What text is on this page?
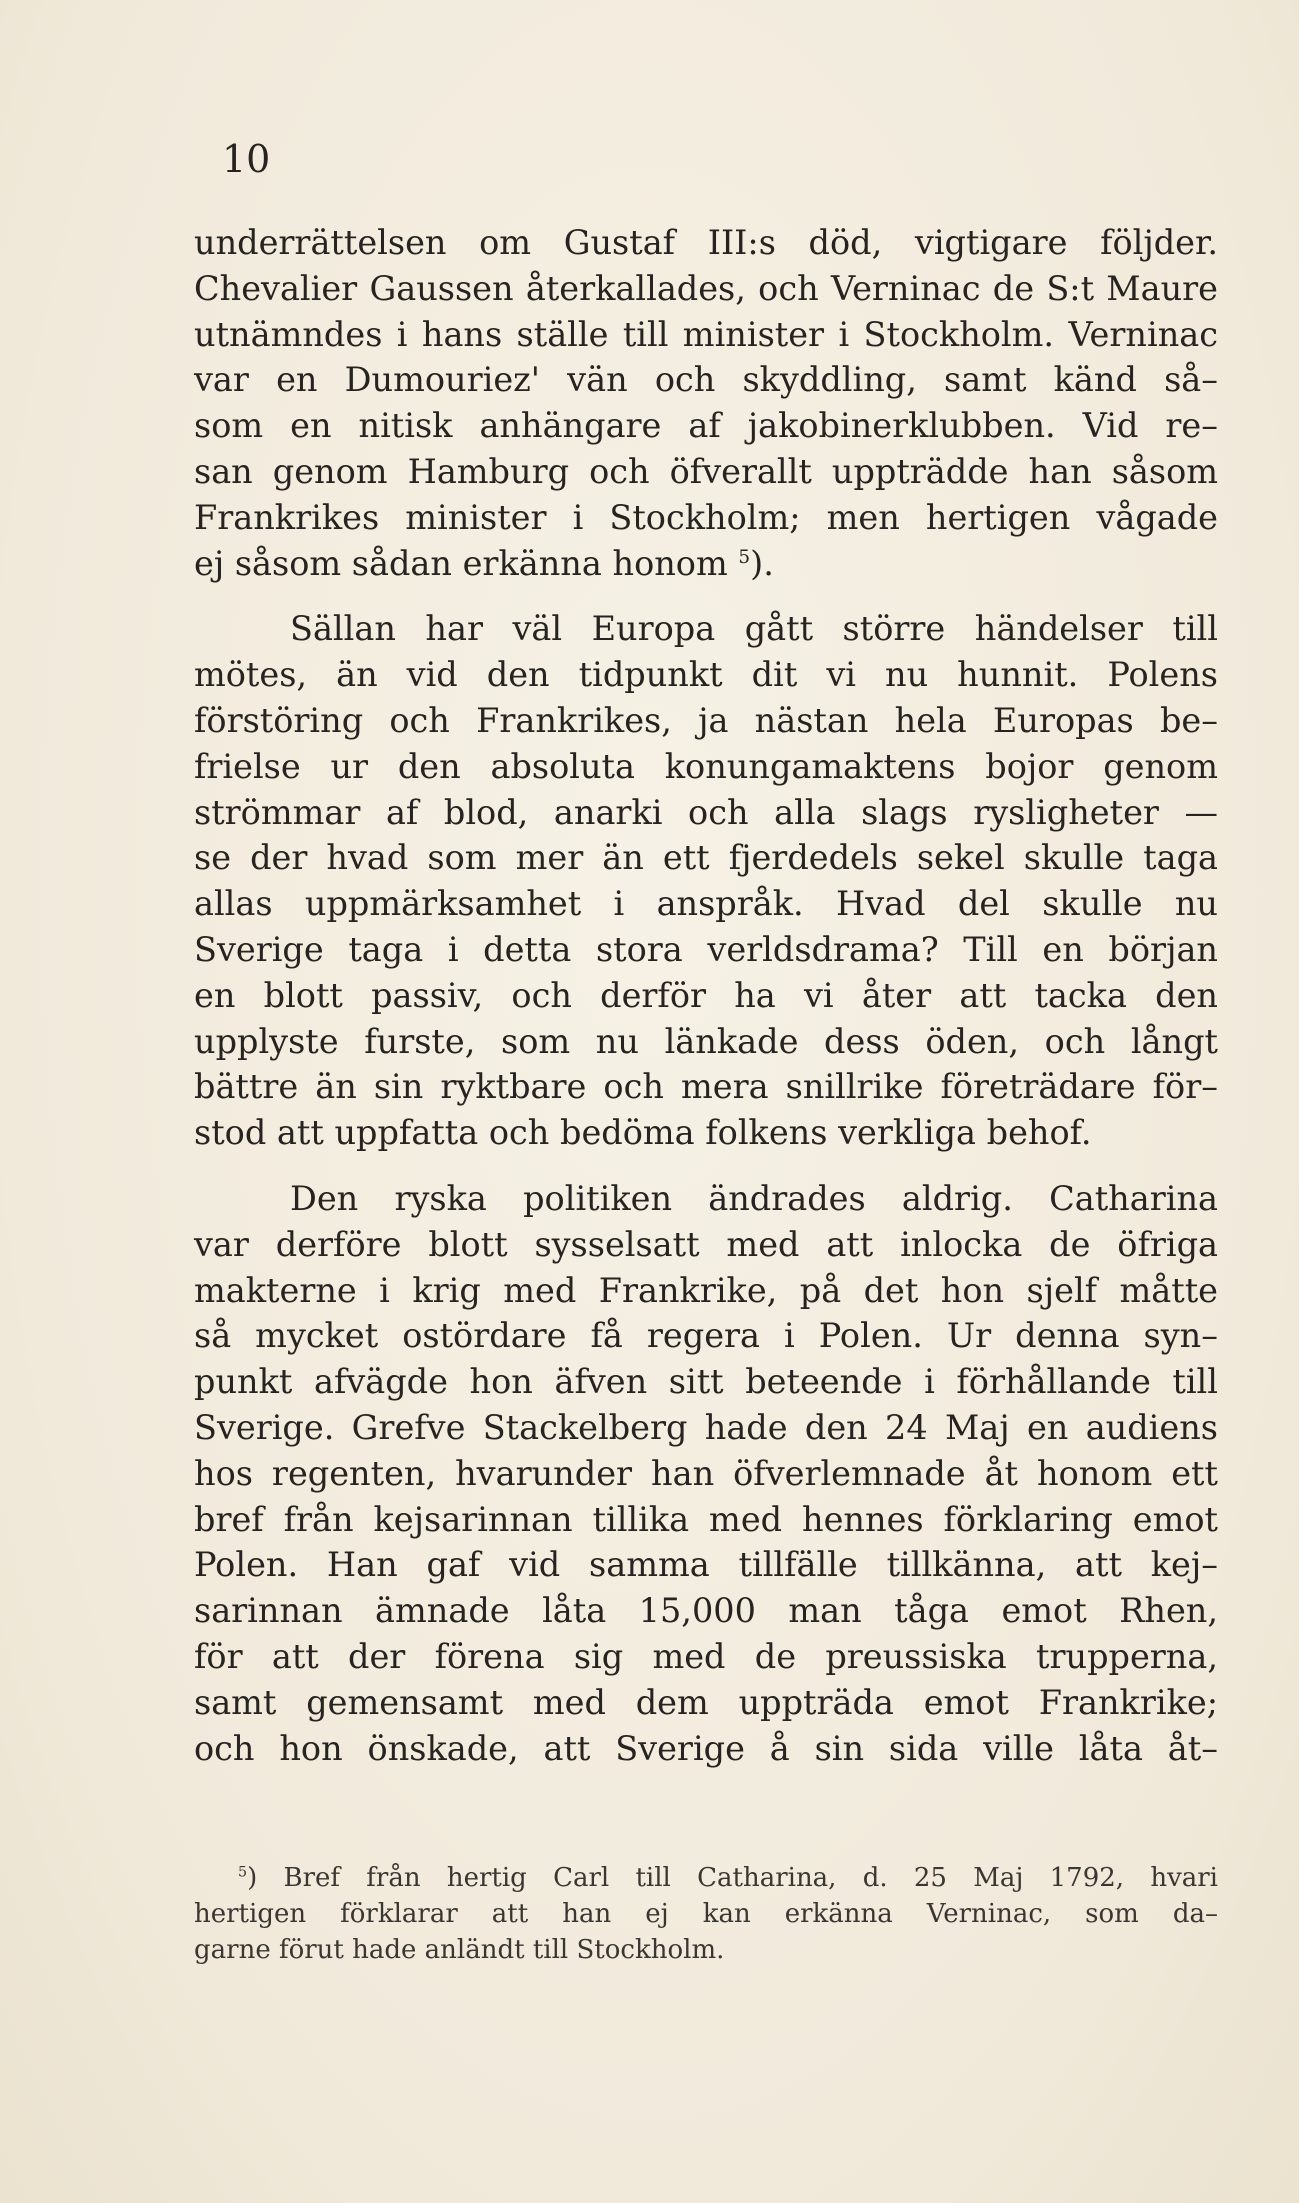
10
underrättelsen om Gustaf III:s död, vigtigare följder.
Chevalier Gaussen återkallades, och Verninac de S:t Maure
utnämndes i hans ställe till minister i Stockholm. Verninac
var en Dumouriez' vän och skyddling, samt känd så–
som en nitisk anhängare af jakobinerklubben. Vid re–
san genom Hamburg och öfverallt uppträdde han såsom
Frankrikes minister i Stockholm; men hertigen vågade
ej såsom sådan erkänna honom $^5$).
Sällan har väl Europa gått större händelser till
mötes, än vid den tidpunkt dit vi nu hunnit. Polens
förstöring och Frankrikes, ja nästan hela Europas be–
frielse ur den absoluta konungamaktens bojor genom
strömmar af blod, anarki och alla slags rysligheter —
se der hvad som mer än ett fjerdedels sekel skulle taga
allas uppmärksamhet i anspråk. Hvad del skulle nu
Sverige taga i detta stora verldsdrama? Till en början
en blott passiv, och derför ha vi åter att tacka den
upplyste furste, som nu länkade dess öden, och långt
bättre än sin ryktbare och mera snillrike företrädare för–
stod att uppfatta och bedöma folkens verkliga behof.
Den ryska politiken ändrades aldrig. Catharina
var derföre blott sysselsatt med att inlocka de öfriga
makterne i krig med Frankrike, på det hon sjelf måtte
så mycket ostördare få regera i Polen. Ur denna syn–
punkt afvägde hon äfven sitt beteende i förhållande till
Sverige. Grefve Stackelberg hade den 24 Maj en audiens
hos regenten, hvarunder han öfverlemnade åt honom ett
bref från kejsarinnan tillika med hennes förklaring emot
Polen. Han gaf vid samma tillfälle tillkänna, att kej–
sarinnan ämnade låta 15,000 man tåga emot Rhen,
för att der förena sig med de preussiska trupperna,
samt gemensamt med dem uppträda emot Frankrike;
och hon önskade, att Sverige å sin sida ville låta åt–
$^5$) Bref från hertig Carl till Catharina, d. 25 Maj 1792, hvari
hertigen förklarar att han ej kan erkänna Verninac, som da–
garne förut hade anländt till Stockholm.
